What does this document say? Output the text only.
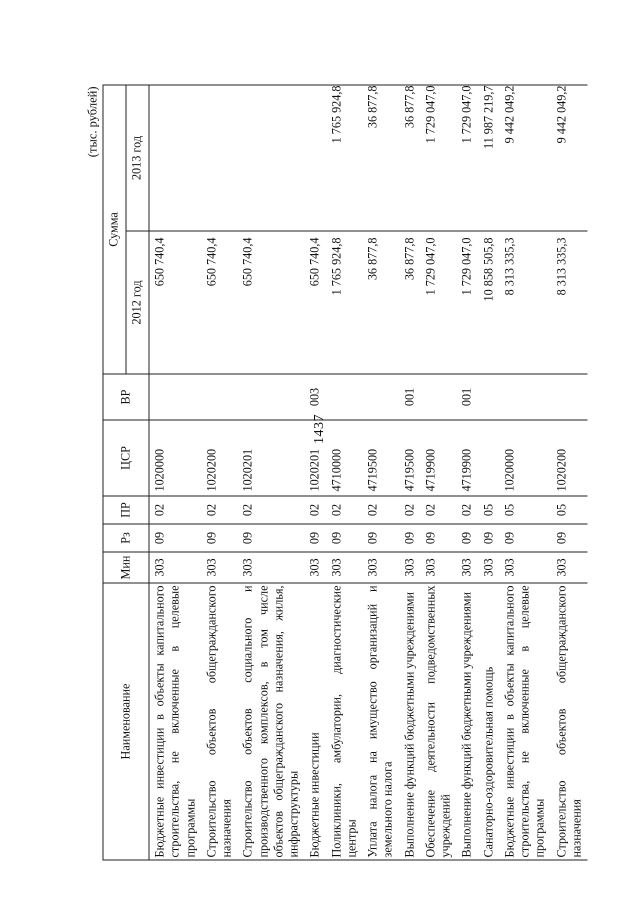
1437
(тыс. рублей)
Наименование	Мин	Рз	ПР	ЦСР	ВР	Сумма	
						2012 год	2013 год
Бюджетные инвестиции в объекты капитального строительства, не включенные в целевые программы	303	09	02	1020000		650 740,4	
Строительство объектов общегражданского назначения	303	09	02	1020200		650 740,4	
Строительство объектов социального и производственного комплексов, в том числе объектов общегражданского назначения, жилья, инфраструктуры	303	09	02	1020201		650 740,4	
Бюджетные инвестиции	303	09	02	1020201	003	650 740,4	
Поликлиники, амбулатории, диагностические центры	303	09	02	4710000		1 765 924,8	1 765 924,8
Уплата налога на имущество организаций и земельного налога	303	09	02	4719500		36 877,8	36 877,8
Выполнение функций бюджетными учреждениями	303	09	02	4719500	001	36 877,8	36 877,8
Обеспечение деятельности подведомственных учреждений	303	09	02	4719900		1 729 047,0	1 729 047,0
Выполнение функций бюджетными учреждениями	303	09	02	4719900	001	1 729 047,0	1 729 047,0
Санаторно-оздоровительная помощь	303	09	05			10 858 505,8	11 987 219,7
Бюджетные инвестиции в объекты капитального строительства, не включенные в целевые программы	303	09	05	1020000		8 313 335,3	9 442 049,2
Строительство объектов общегражданского назначения	303	09	05	1020200		8 313 335,3	9 442 049,2
